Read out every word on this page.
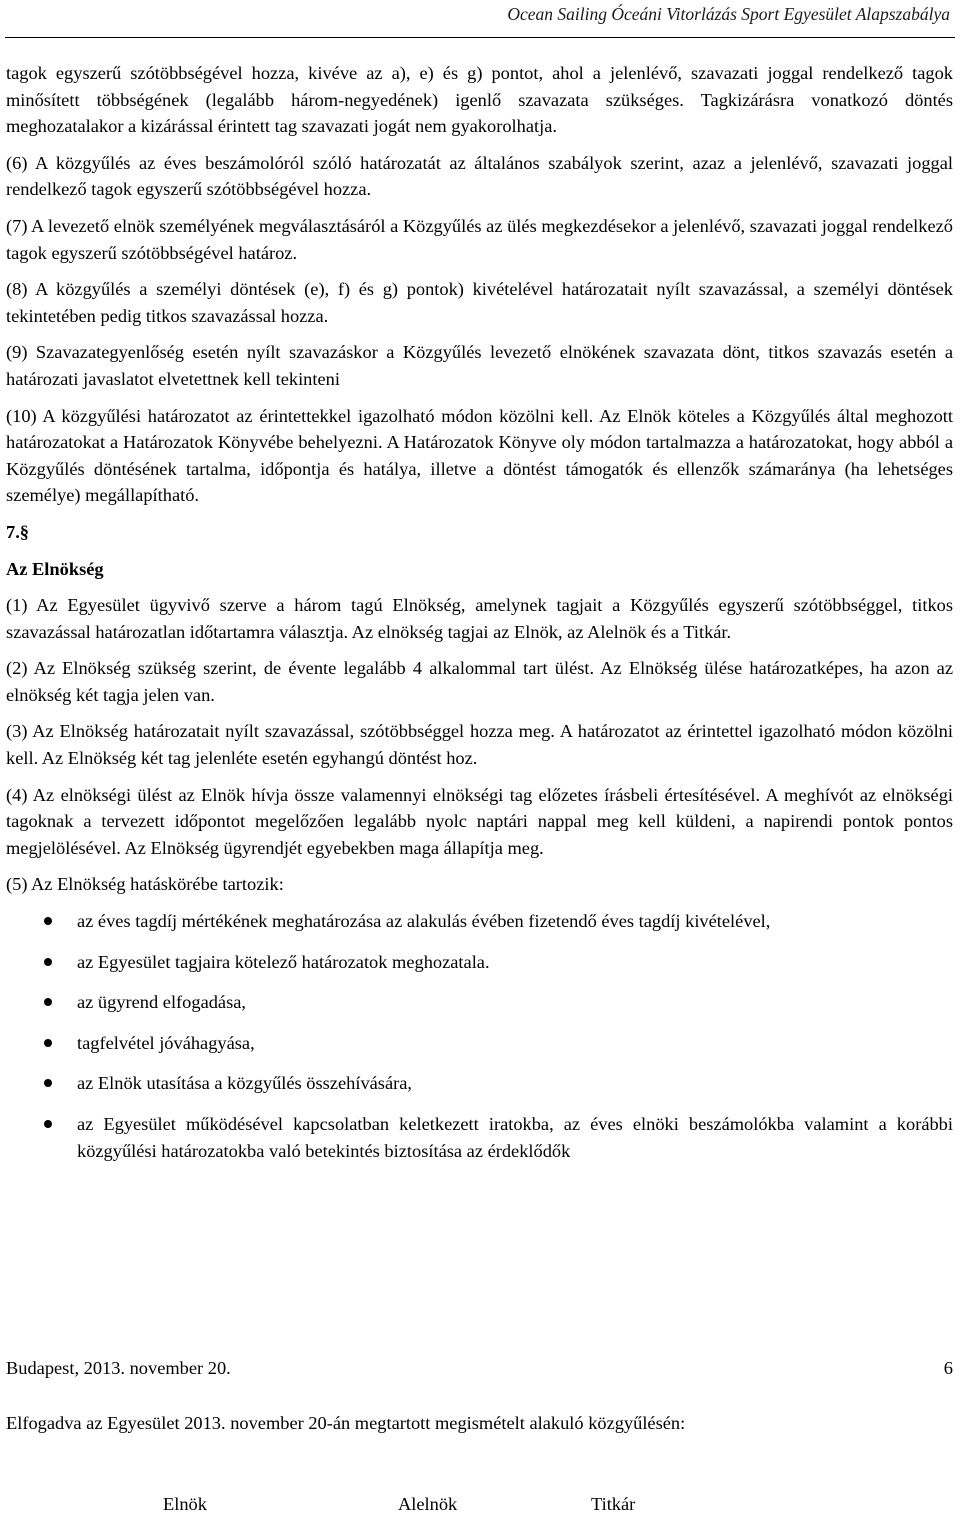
Ocean Sailing Óceáni Vitorlázás Sport Egyesület Alapszabálya

tagok egyszerű szótöbbségével hozza, kivéve az a), e) és g) pontot, ahol a jelenlévő, szavazati joggal rendelkező tagok minősített többségének (legalább három-negyedének) igenlő szavazata szükséges. Tagkizárásra vonatkozó döntés meghozatalakor a kizárással érintett tag szavazati jogát nem gyakorolhatja.

(6) A közgyűlés az éves beszámolóról szóló határozatát az általános szabályok szerint, azaz a jelenlévő, szavazati joggal rendelkező tagok egyszerű szótöbbségével hozza.

(7) A levezető elnök személyének megválasztásáról a Közgyűlés az ülés megkezdésekor a jelenlévő, szavazati joggal rendelkező tagok egyszerű szótöbbségével határoz.

(8) A közgyűlés a személyi döntések (e), f) és g) pontok) kivételével határozatait nyílt szavazással, a személyi döntések tekintetében pedig titkos szavazással hozza.

(9) Szavazategyenlőség esetén nyílt szavazáskor a Közgyűlés levezető elnökének szavazata dönt, titkos szavazás esetén a határozati javaslatot elvetettnek kell tekinteni

(10) A közgyűlési határozatot az érintettekkel igazolható módon közölni kell. Az Elnök köteles a Közgyűlés által meghozott határozatokat a Határozatok Könyvébe behelyezni. A Határozatok Könyve oly módon tartalmazza a határozatokat, hogy abból a Közgyűlés döntésének tartalma, időpontja és hatálya, illetve a döntést támogatók és ellenzők számaránya (ha lehetséges személye) megállapítható.

7.§
Az Elnökség

(1) Az Egyesület ügyvivő szerve a három tagú Elnökség, amelynek tagjait a Közgyűlés egyszerű szótöbbséggel, titkos szavazással határozatlan időtartamra választja. Az elnökség tagjai az Elnök, az Alelnök és a Titkár.

(2) Az Elnökség szükség szerint, de évente legalább 4 alkalommal tart ülést. Az Elnökség ülése határozatképes, ha azon az elnökség két tagja jelen van.

(3) Az Elnökség határozatait nyílt szavazással, szótöbbséggel hozza meg. A határozatot az érintettel igazolható módon közölni kell. Az Elnökség két tag jelenléte esetén egyhangú döntést hoz.

(4) Az elnökségi ülést az Elnök hívja össze valamennyi elnökségi tag előzetes írásbeli értesítésével. A meghívót az elnökségi tagoknak a tervezett időpontot megelőzően legalább nyolc naptári nappal meg kell küldeni, a napirendi pontok pontos megjelölésével. Az Elnökség ügyrendjét egyebekben maga állapítja meg.

(5) Az Elnökség hatáskörébe tartozik:

az éves tagdíj mértékének meghatározása az alakulás évében fizetendő éves tagdíj kivételével,
az Egyesület tagjaira kötelező határozatok meghozatala.
az ügyrend elfogadása,
tagfelvétel jóváhagyása,
az Elnök utasítása a közgyűlés összehívására,
az Egyesület működésével kapcsolatban keletkezett iratokba, az éves elnöki beszámolókba valamint a korábbi közgyűlési határozatokba való betekintés biztosítása az érdeklődők
Budapest, 2013. november 20.	6
Elfogadva az Egyesület 2013. november 20-án megtartott megismételt alakuló közgyűlésén:
Elnök	Alelnök	Titkár
